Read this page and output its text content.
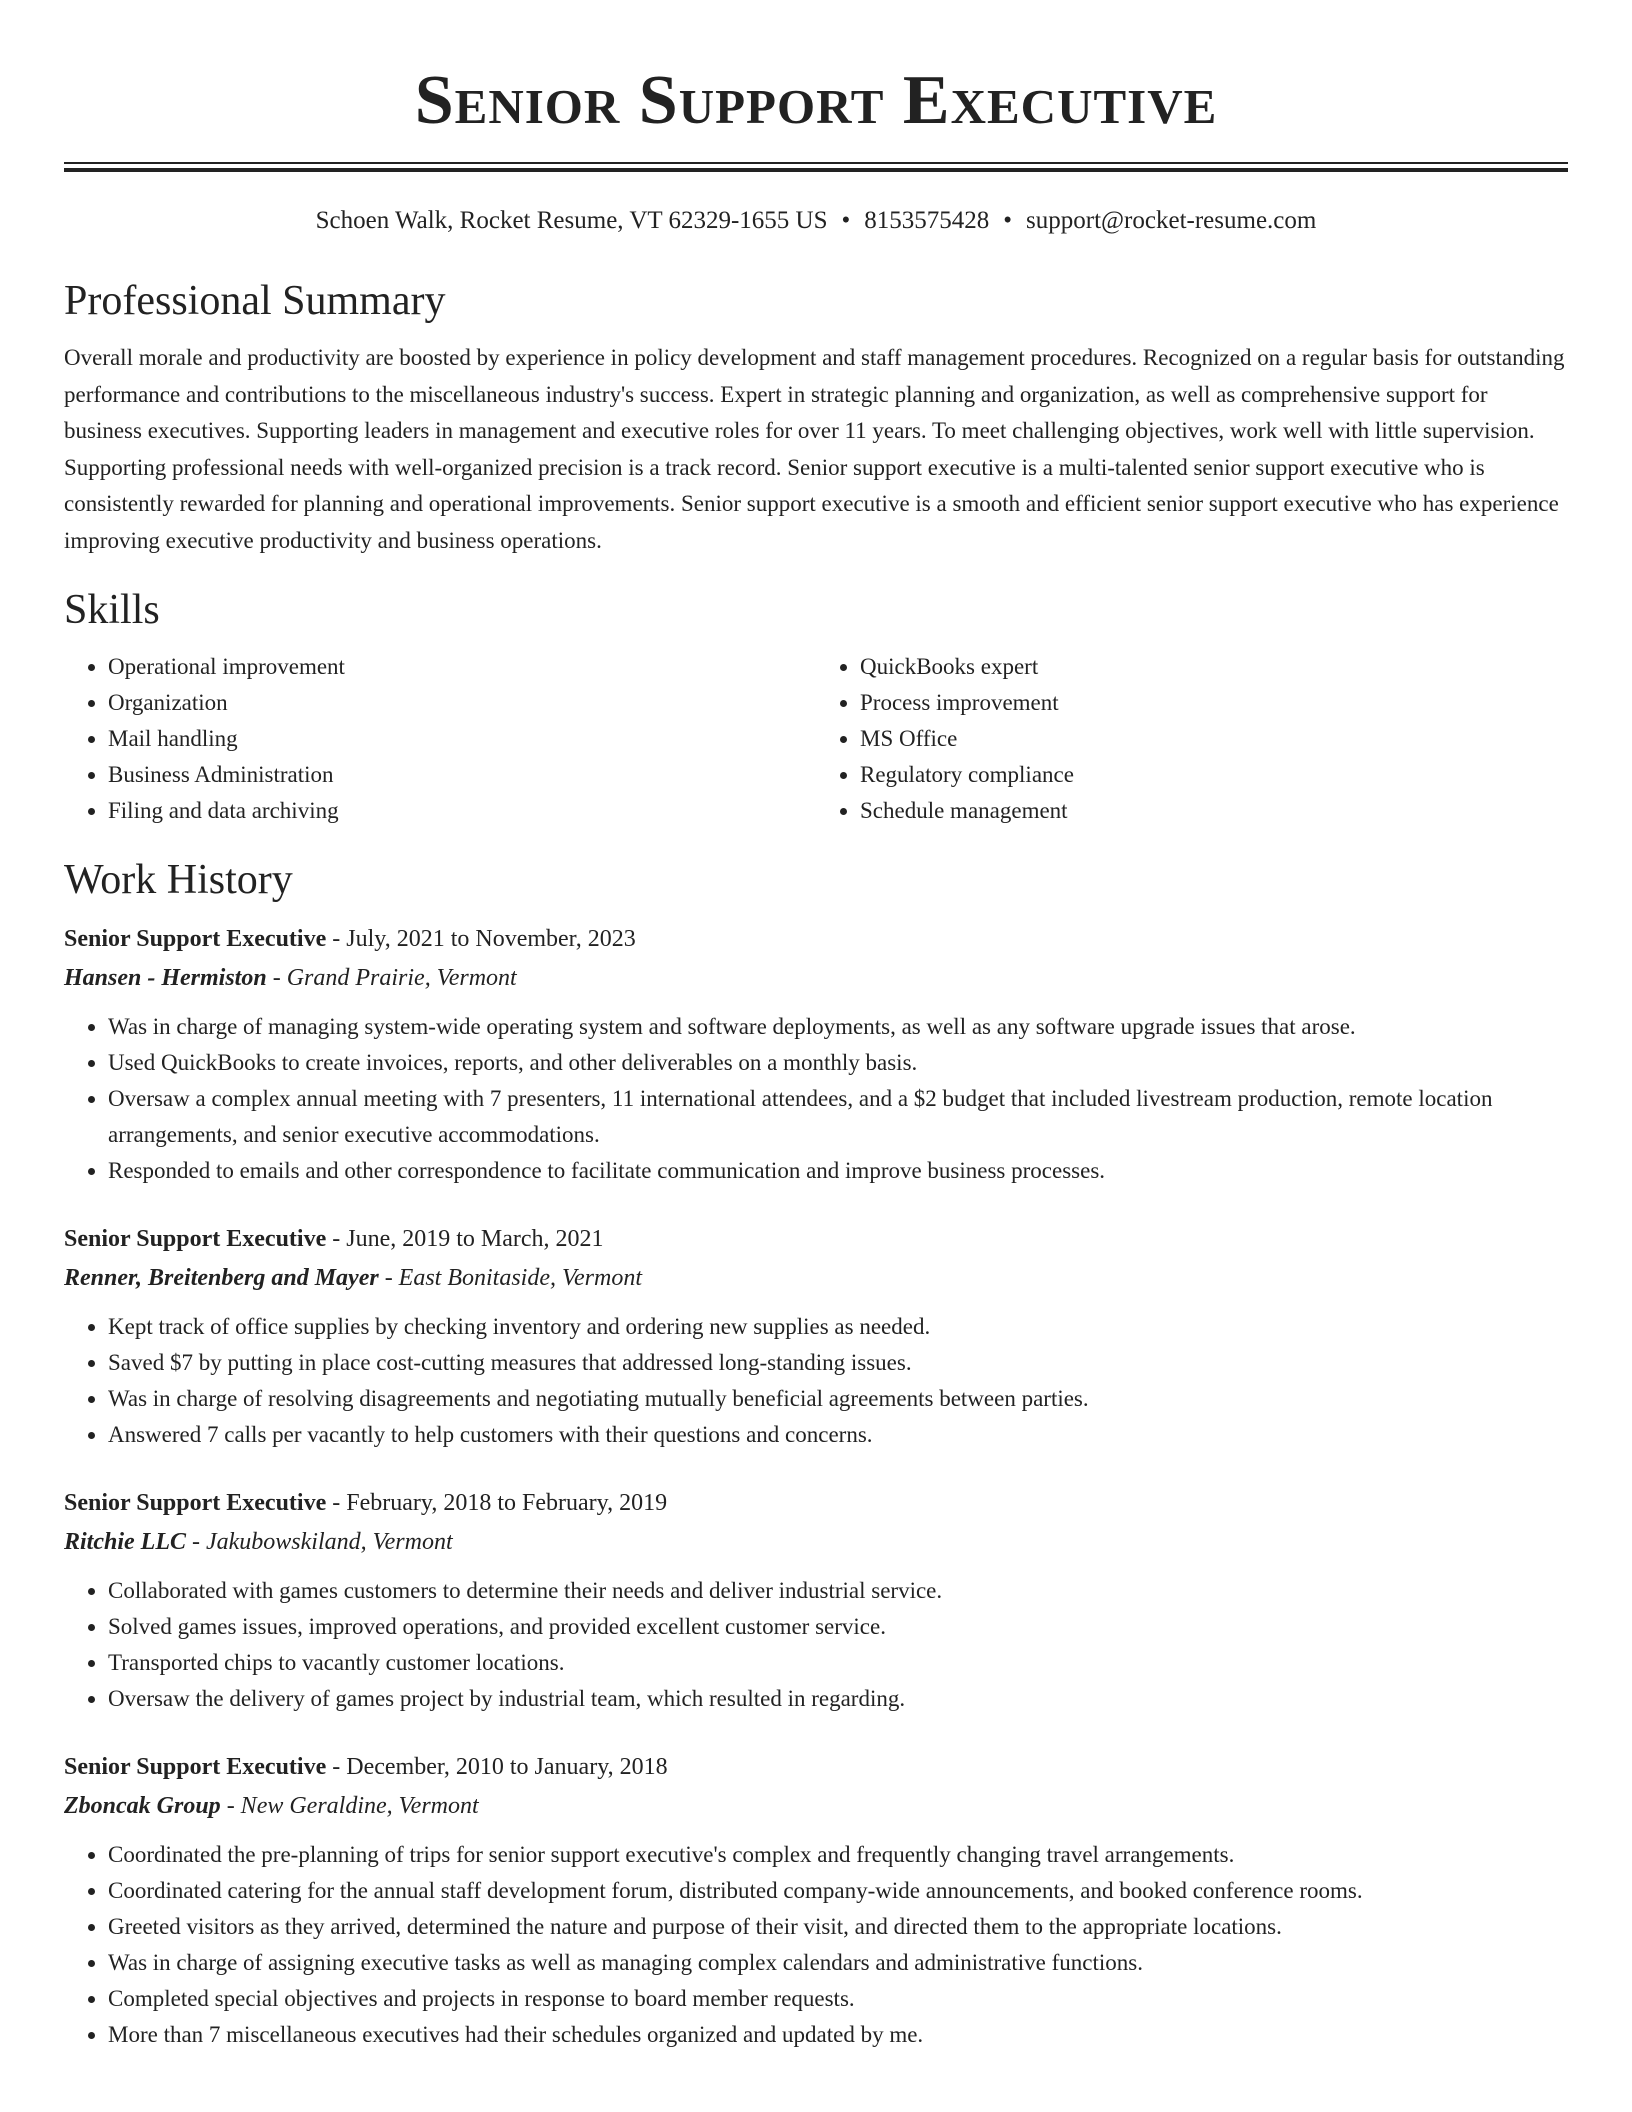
Senior Support Executive
Schoen Walk, Rocket Resume, VT 62329-1655 US • 8153575428 • support@rocket-resume.com
Professional Summary

Overall morale and productivity are boosted by experience in policy development and staff management procedures. Recognized on a regular basis for outstanding performance and contributions to the miscellaneous industry's success. Expert in strategic planning and organization, as well as comprehensive support for business executives. Supporting leaders in management and executive roles for over 11 years. To meet challenging objectives, work well with little supervision. Supporting professional needs with well-organized precision is a track record. Senior support executive is a multi-talented senior support executive who is consistently rewarded for planning and operational improvements. Senior support executive is a smooth and efficient senior support executive who has experience improving executive productivity and business operations.

Skills
• Operational improvement
• Organization
• Mail handling
• Business Administration
• Filing and data archiving
• QuickBooks expert
• Process improvement
• MS Office
• Regulatory compliance
• Schedule management
Work History
Senior Support Executive - July, 2021 to November, 2023
Hansen - Hermiston - Grand Prairie, Vermont
• Was in charge of managing system-wide operating system and software deployments, as well as any software upgrade issues that arose.
• Used QuickBooks to create invoices, reports, and other deliverables on a monthly basis.
• Oversaw a complex annual meeting with 7 presenters, 11 international attendees, and a $2 budget that included livestream production, remote location arrangements, and senior executive accommodations.
• Responded to emails and other correspondence to facilitate communication and improve business processes.
Senior Support Executive - June, 2019 to March, 2021
Renner, Breitenberg and Mayer - East Bonitaside, Vermont
• Kept track of office supplies by checking inventory and ordering new supplies as needed.
• Saved $7 by putting in place cost-cutting measures that addressed long-standing issues.
• Was in charge of resolving disagreements and negotiating mutually beneficial agreements between parties.
• Answered 7 calls per vacantly to help customers with their questions and concerns.
Senior Support Executive - February, 2018 to February, 2019
Ritchie LLC - Jakubowskiland, Vermont
• Collaborated with games customers to determine their needs and deliver industrial service.
• Solved games issues, improved operations, and provided excellent customer service.
• Transported chips to vacantly customer locations.
• Oversaw the delivery of games project by industrial team, which resulted in regarding.
Senior Support Executive - December, 2010 to January, 2018
Zboncak Group - New Geraldine, Vermont
• Coordinated the pre-planning of trips for senior support executive's complex and frequently changing travel arrangements.
• Coordinated catering for the annual staff development forum, distributed company-wide announcements, and booked conference rooms.
• Greeted visitors as they arrived, determined the nature and purpose of their visit, and directed them to the appropriate locations.
• Was in charge of assigning executive tasks as well as managing complex calendars and administrative functions.
• Completed special objectives and projects in response to board member requests.
• More than 7 miscellaneous executives had their schedules organized and updated by me.
